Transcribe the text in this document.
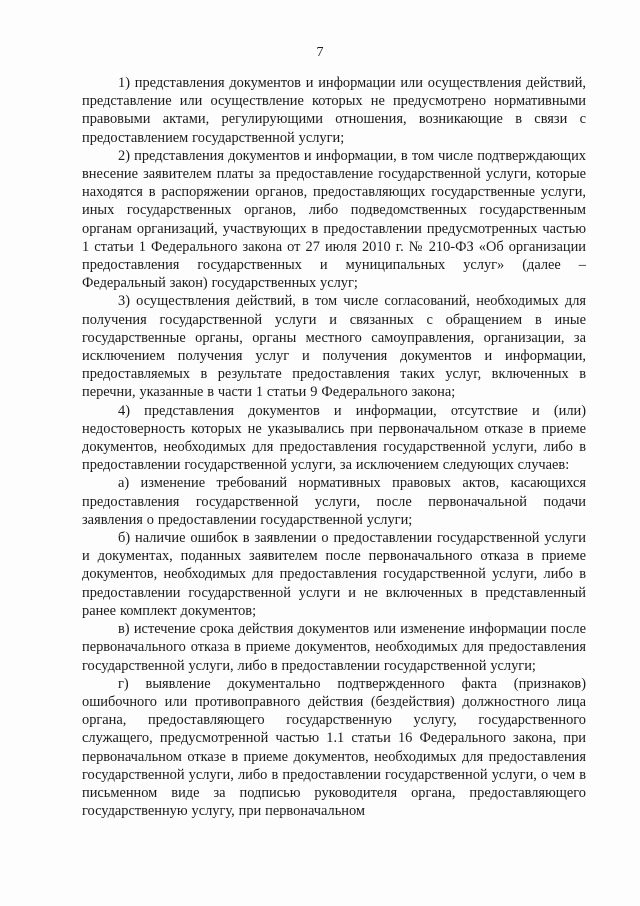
7

1) представления документов и информации или осуществления действий, представление или осуществление которых не предусмотрено нормативными правовыми актами, регулирующими отношения, возникающие в связи с предоставлением государственной услуги;

2) представления документов и информации, в том числе подтверждающих внесение заявителем платы за предоставление государственной услуги, которые находятся в распоряжении органов, предоставляющих государственные услуги, иных государственных органов, либо подведомственных государственным органам организаций, участвующих в предоставлении предусмотренных частью 1 статьи 1 Федерального закона от 27 июля 2010 г. № 210-ФЗ «Об организации предоставления государственных и муниципальных услуг» (далее – Федеральный закон) государственных услуг;

3) осуществления действий, в том числе согласований, необходимых для получения государственной услуги и связанных с обращением в иные государственные органы, органы местного самоуправления, организации, за исключением получения услуг и получения документов и информации, предоставляемых в результате предоставления таких услуг, включенных в перечни, указанные в части 1 статьи 9 Федерального закона;

4) представления документов и информации, отсутствие и (или) недостоверность которых не указывались при первоначальном отказе в приеме документов, необходимых для предоставления государственной услуги, либо в предоставлении государственной услуги, за исключением следующих случаев:

а) изменение требований нормативных правовых актов, касающихся предоставления государственной услуги, после первоначальной подачи заявления о предоставлении государственной услуги;

б) наличие ошибок в заявлении о предоставлении государственной услуги и документах, поданных заявителем после первоначального отказа в приеме документов, необходимых для предоставления государственной услуги, либо в предоставлении государственной услуги и не включенных в представленный ранее комплект документов;

в) истечение срока действия документов или изменение информации после первоначального отказа в приеме документов, необходимых для предоставления государственной услуги, либо в предоставлении государственной услуги;

г) выявление документально подтвержденного факта (признаков) ошибочного или противоправного действия (бездействия) должностного лица органа, предоставляющего государственную услугу, государственного служащего, предусмотренной частью 1.1 статьи 16 Федерального закона, при первоначальном отказе в приеме документов, необходимых для предоставления государственной услуги, либо в предоставлении государственной услуги, о чем в письменном виде за подписью руководителя органа, предоставляющего государственную услугу, при первоначальном
